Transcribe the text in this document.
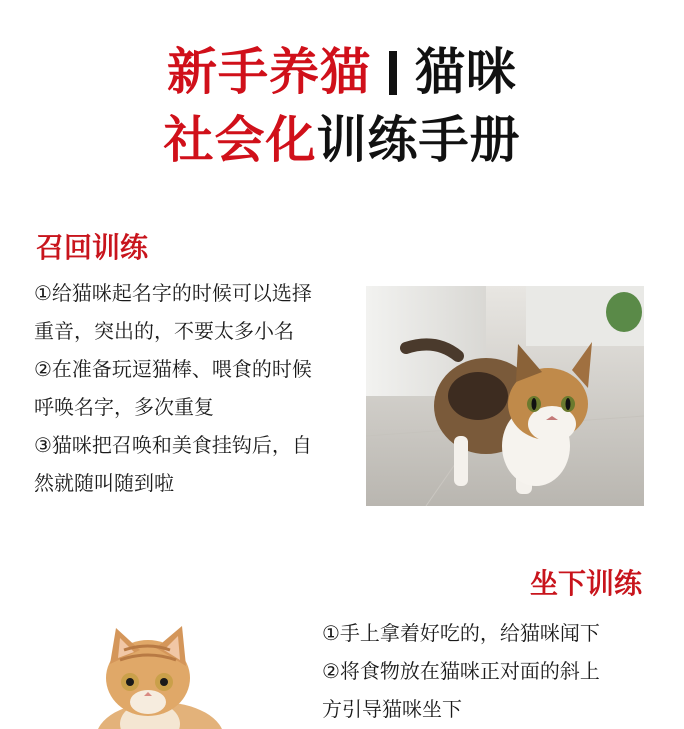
新手养猫 猫咪
社会化训练手册
召回训练

①给猫咪起名字的时候可以选择

重音，突出的，不要太多小名

②在准备玩逗猫棒、喂食的时候

呼唤名字，多次重复

③猫咪把召唤和美食挂钩后，自

然就随叫随到啦

坐下训练

①手上拿着好吃的，给猫咪闻下

②将食物放在猫咪正对面的斜上

方引导猫咪坐下
